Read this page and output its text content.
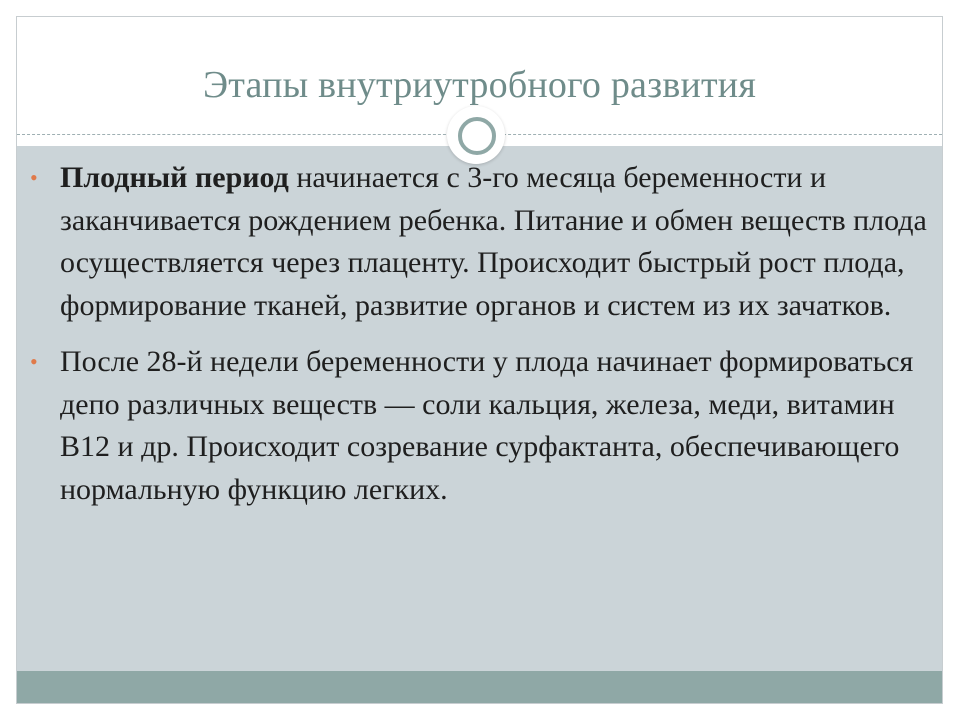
Этапы внутриутробного развития
• Плодный период начинается с 3-го месяца беременности и заканчивается рождением ребенка. Питание и обмен веществ плода осуществляется через плаценту. Происходит быстрый рост плода, формирование тканей, развитие органов и систем из их зачатков.
• После 28-й недели беременности у плода начинает формироваться депо различных веществ — соли кальция, железа, меди, витамин B12 и др. Происходит созревание сурфактанта, обеспечивающего нормальную функцию легких.
